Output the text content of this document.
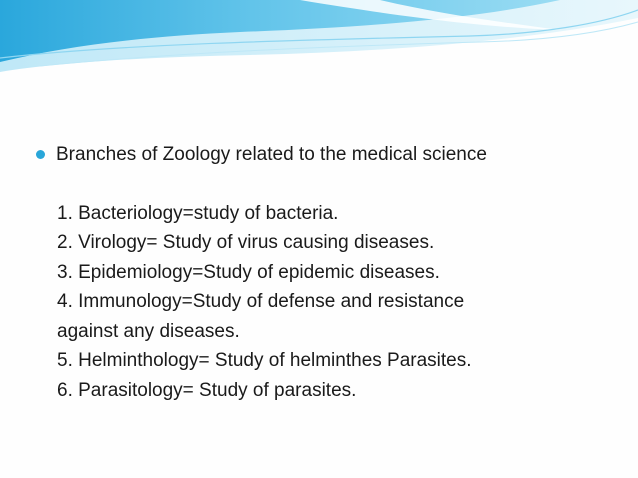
Branches of Zoology related to the medical science
1. Bacteriology=study of bacteria.
2. Virology= Study of virus causing diseases.
3. Epidemiology=Study of epidemic diseases.
4. Immunology=Study of defense and resistance
against any diseases.
5. Helminthology= Study of helminthes Parasites.
6. Parasitology= Study of parasites.
